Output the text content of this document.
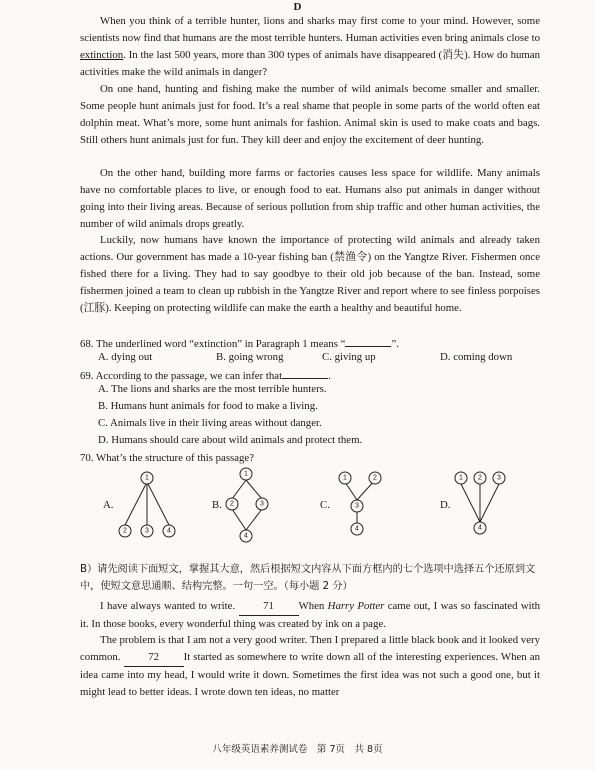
D

When you think of a terrible hunter, lions and sharks may first come to your mind. However, some scientists now find that humans are the most terrible hunters. Human activities even bring animals close to extinction. In the last 500 years, more than 300 types of animals have disappeared (消失). How do human activities make the wild animals in danger?

On one hand, hunting and fishing make the number of wild animals become smaller and smaller. Some people hunt animals just for food. It’s a real shame that people in some parts of the world often eat dolphin meat. What’s more, some hunt animals for fashion. Animal skin is used to make coats and bags. Still others hunt animals just for fun. They kill deer and enjoy the excitement of deer hunting.

On the other hand, building more farms or factories causes less space for wildlife. Many animals have no comfortable places to live, or enough food to eat. Humans also put animals in danger without going into their living areas. Because of serious pollution from ship traffic and other human activities, the number of wild animals drops greatly.

Luckily, now humans have known the importance of protecting wild animals and already taken actions. Our government has made a 10-year fishing ban (禁渔令) on the Yangtze River. Fishermen once fished there for a living. They had to say goodbye to their old job because of the ban. Instead, some fishermen joined a team to clean up rubbish in the Yangtze River and report where to see finless porpoises (江豚). Keeping on protecting wildlife can make the earth a healthy and beautiful home.

68. The underlined word “extinction” in Paragraph 1 means “	”.
A. dying out	B. going wrong	C. giving up	D. coming down
69. According to the passage, we can infer that	.
A. The lions and sharks are the most terrible hunters.
B. Humans hunt animals for food to make a living.
C. Animals live in their living areas without danger.
D. Humans should care about wild animals and protect them.
70. What’s the structure of this passage?
A.
1
2	3	4
B.
1
2	3
4
C.
1	2
3
4
D.
1 2 3
4
B）请先阅读下面短文，掌握其大意，然后根据短文内容从下面方框内的七个选项中选择五个还原到文中，使短文意思通顺、结构完整。一句一空。（每小题 2 分）

I have always wanted to write. 71 When Harry Potter came out, I was so fascinated with it. In those books, every wonderful thing was created by ink on a page.

The problem is that I am not a very good writer. Then I prepared a little black book and it looked very common. 72 It started as somewhere to write down all of the interesting experiences. When an idea came into my head, I would write it down. Sometimes the first idea was not such a good one, but it might lead to better ideas. I wrote down ten ideas, no matter

八年级英语素养测试卷　第 7页　共 8页
